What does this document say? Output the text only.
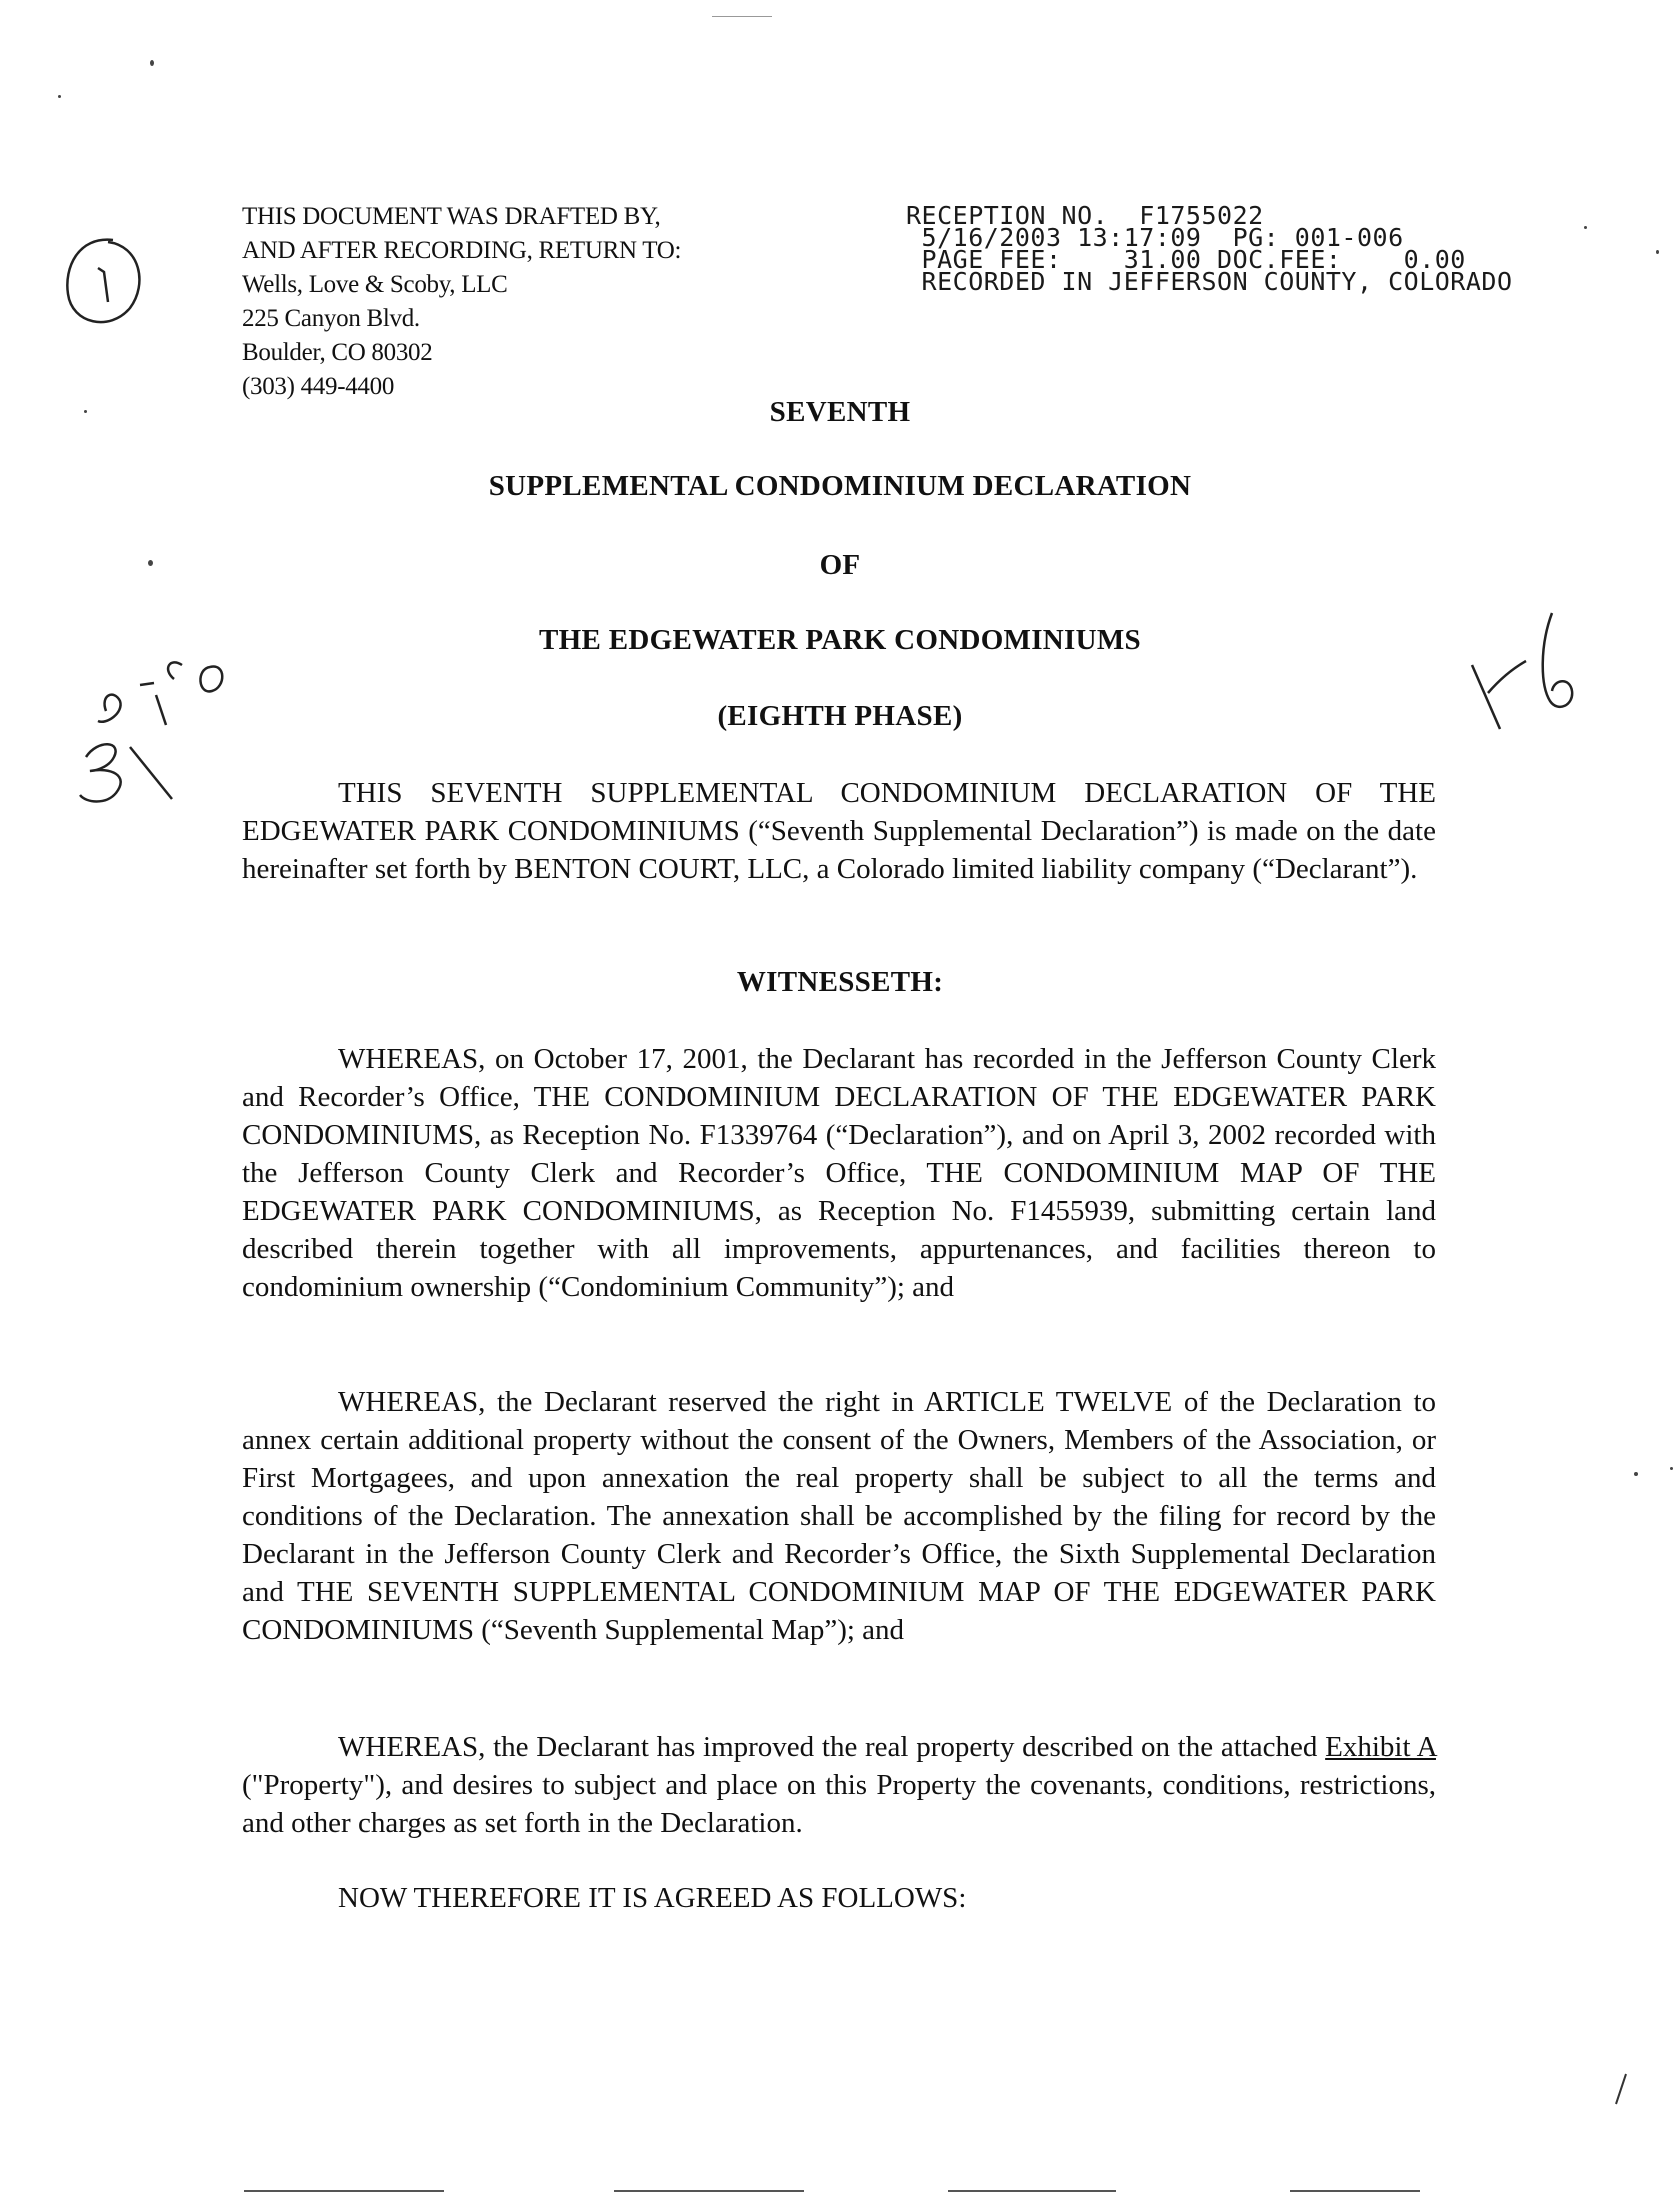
THIS DOCUMENT WAS DRAFTED BY,
AND AFTER RECORDING, RETURN TO:
Wells, Love & Scoby, LLC
225 Canyon Blvd.
Boulder, CO 80302
(303) 449-4400
RECEPTION NO.  F1755022
5/16/2003 13:17:09  PG: 001-006
PAGE FEE:    31.00 DOC.FEE:    0.00
RECORDED IN JEFFERSON COUNTY, COLORADO
SEVENTH
SUPPLEMENTAL CONDOMINIUM DECLARATION
OF
THE EDGEWATER PARK CONDOMINIUMS
(EIGHTH PHASE)
THIS SEVENTH SUPPLEMENTAL CONDOMINIUM DECLARATION OF THE EDGEWATER PARK CONDOMINIUMS (“Seventh Supplemental Declaration”) is made on the date hereinafter set forth by BENTON COURT, LLC, a Colorado limited liability company (“Declarant”).
WITNESSETH:
WHEREAS, on October 17, 2001, the Declarant has recorded in the Jefferson County Clerk and Recorder’s Office, THE CONDOMINIUM DECLARATION OF THE EDGEWATER PARK CONDOMINIUMS, as Reception No. F1339764 (“Declaration”), and on April 3, 2002 recorded with the Jefferson County Clerk and Recorder’s Office, THE CONDOMINIUM MAP OF THE EDGEWATER PARK CONDOMINIUMS, as Reception No. F1455939, submitting certain land described therein together with all improvements, appurtenances, and facilities thereon to condominium ownership (“Condominium Community”); and
WHEREAS, the Declarant reserved the right in ARTICLE TWELVE of the Declaration to annex certain additional property without the consent of the Owners, Members of the Association, or First Mortgagees, and upon annexation the real property shall be subject to all the terms and conditions of the Declaration. The annexation shall be accomplished by the filing for record by the Declarant in the Jefferson County Clerk and Recorder’s Office, the Sixth Supplemental Declaration and THE SEVENTH SUPPLEMENTAL CONDOMINIUM MAP OF THE EDGEWATER PARK CONDOMINIUMS (“Seventh Supplemental Map”); and
WHEREAS, the Declarant has improved the real property described on the attached Exhibit A ("Property"), and desires to subject and place on this Property the covenants, conditions, restrictions, and other charges as set forth in the Declaration.
NOW THEREFORE IT IS AGREED AS FOLLOWS:
